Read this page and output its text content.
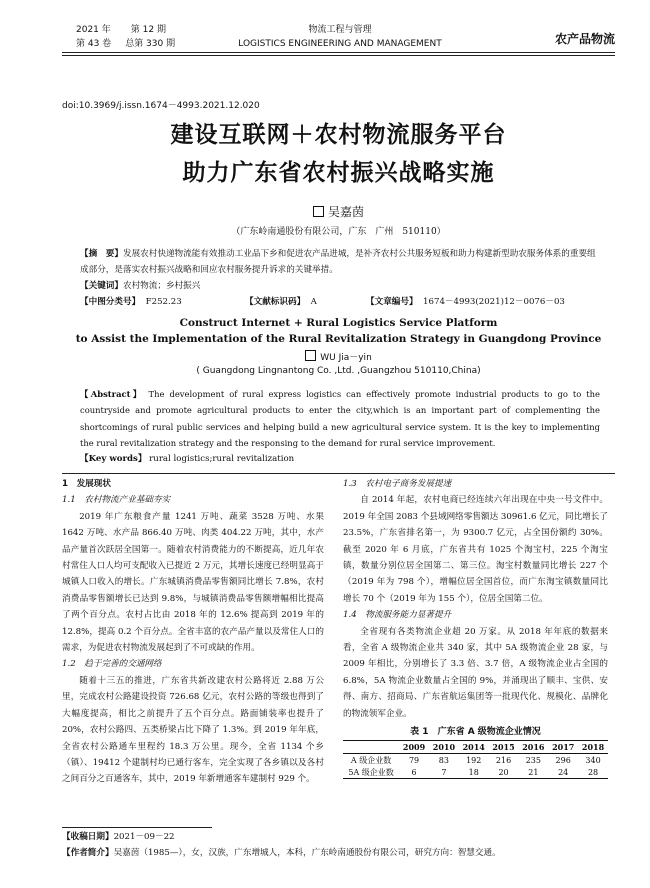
2021 年 第 12 期
第 43 卷 总第 330 期
物流工程与管理
LOGISTICS ENGINEERING AND MANAGEMENT	农产品物流
doi:10.3969/j.issn.1674－4993.2021.12.020
建设互联网＋农村物流服务平台
助力广东省农村振兴战略实施
吴嘉茵
（广东岭南通股份有限公司，广东　广州　510110）
【摘　要】发展农村快递物流能有效推动工业品下乡和促进农产品进城，是补齐农村公共服务短板和助力构建新型助农服务体系的重要组成部分，是落实农村振兴战略和回应农村服务提升诉求的关键举措。
【关键词】农村物流；乡村振兴
【中图分类号】 F252.23	【文献标识码】 A	【文章编号】 1674－4993(2021)12－0076－03
Construct Internet + Rural Logistics Service Platform
to Assist the Implementation of the Rural Revitalization Strategy in Guangdong Province
WU Jia－yin
( Guangdong Lingnantong Co. ,Ltd. ,Guangzhou 510110,China)
【Abstract】 The development of rural express logistics can effectively promote industrial products to go to the countryside and promote agricultural products to enter the city,which is an important part of complementing the shortcomings of rural public services and helping build a new agricultural service system. It is the key to implementing the rural revitalization strategy and the responsing to the demand for rural service improvement.
【Key words】 rural logistics;rural revitalization
1　发展现状
1.1　农村物流产业基础夯实

2019 年广东粮食产量 1241 万吨、蔬菜 3528 万吨、水果 1642 万吨、水产品 866.40 万吨、肉类 404.22 万吨，其中，水产品产量首次跃居全国第一。随着农村消费能力的不断提高，近几年农村常住人口人均可支配收入已提近 2 万元，其增长速度已经明显高于城镇人口收入的增长。广东城镇消费品零售额同比增长 7.8%，农村消费品零售额增长已达到 9.8%，与城镇消费品零售额增幅相比提高了两个百分点。农村占比由 2018 年的 12.6% 提高到 2019 年的 12.8%，提高 0.2 个百分点。全省丰富的农产品产量以及常住人口的需求，为促进农村物流发展起到了不可或缺的作用。

1.2　趋于完善的交通网络

随着十三五的推进，广东省共新改建农村公路将近 2.88 万公里，完成农村公路建设投资 726.68 亿元，农村公路的等级也得到了大幅度提高，相比之前提升了五个百分点。路面铺装率也提升了 20%，农村公路四、五类桥梁占比下降了 1.3%。到 2019 年年底，全省农村公路通车里程约 18.3 万公里。现今，全省 1134 个乡（镇）、19412 个建制村均已通行客车，完全实现了各乡镇以及各村之间百分之百通客车，其中，2019 年新增通客车建制村 929 个。

1.3　农村电子商务发展提速

自 2014 年起，农村电商已经连续六年出现在中央一号文件中。2019 年全国 2083 个县域网络零售额达 30961.6 亿元，同比增长了 23.5%，广东省排名第一，为 9300.7 亿元，占全国份额约 30%。截至 2020 年 6 月底，广东省共有 1025 个淘宝村，225 个淘宝镇，数量分别位居全国第二、第三位。淘宝村数量同比增长 227 个（2019 年为 798 个），增幅位居全国首位，而广东淘宝镇数量同比增长 70 个（2019 年为 155 个），位居全国第二位。

1.4　物流服务能力显著提升

全省现有各类物流企业超 20 万家。从 2018 年年底的数据来看，全省 A 级物流企业共 340 家，其中 5A 级物流企业 28 家，与 2009 年相比，分别增长了 3.3 倍、3.7 倍，A 级物流企业占全国的 6.8%，5A 物流企业数量占全国的 9%，并涌现出了顺丰、宝供、安得、南方、招商局、广东省航运集团等一批现代化、规模化、品牌化的物流领军企业。

表 1　广东省 A 级物流企业情况
	2009	2010	2014	2015	2016	2017	2018
A 级企业数	79	83	192	216	235	296	340
5A 级企业数	6	7	18	20	21	24	28
【收稿日期】2021－09－22
【作者简介】吴嘉茵（1985—），女，汉族，广东增城人，本科，广东岭南通股份有限公司，研究方向：智慧交通。
